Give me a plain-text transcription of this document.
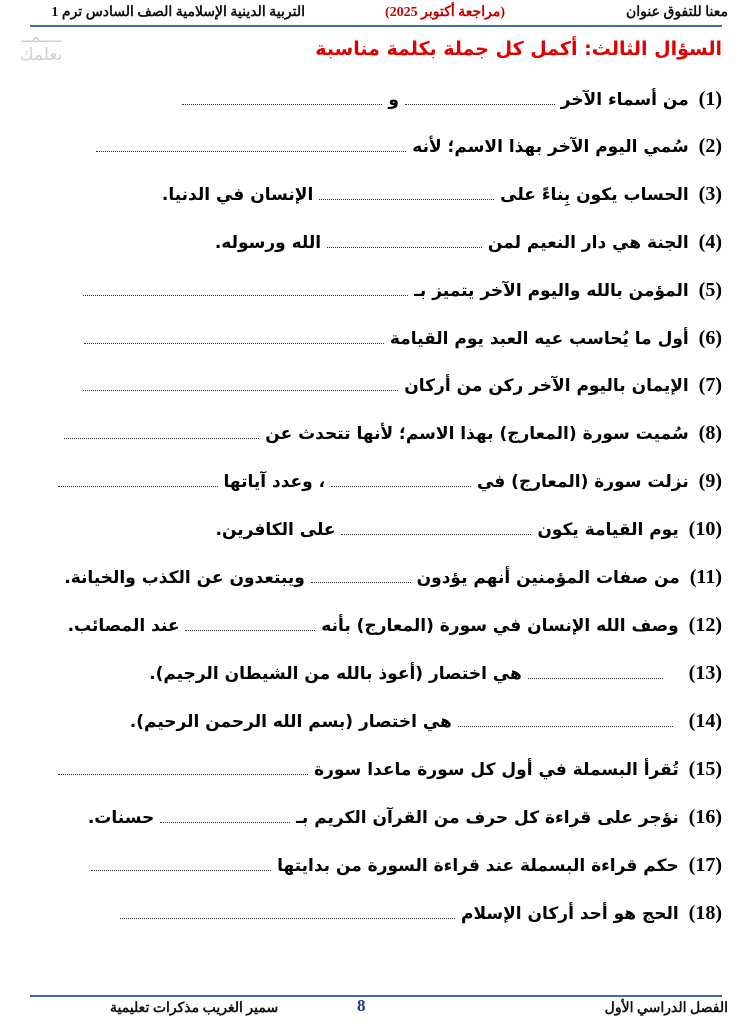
معنا للتفوق عنوان
(مراجعة أكتوبر 2025)
التربية الدينية الإسلامية الصف السادس ترم 1
ــــمــ
بعلمك	السؤال الثالث: أكمل كل جملة بكلمة مناسبة
(1) من أسماء الآخر  و
(2) سُمي اليوم الآخر بهذا الاسم؛ لأنه
(3) الحساب يكون بِناءً على  الإنسان في الدنيا.
(4) الجنة هي دار النعيم لمن  الله ورسوله.
(5) المؤمن بالله واليوم الآخر يتميز بـ
(6) أول ما يُحاسب عيه العبد يوم القيامة
(7) الإيمان باليوم الآخر ركن من أركان
(8) سُميت سورة (المعارج) بهذا الاسم؛ لأنها تتحدث عن
(9) نزلت سورة (المعارج) في  ، وعدد آياتها
(10) يوم القيامة يكون  على الكافرين.
(11) من صفات المؤمنين أنهم يؤدون  ويبتعدون عن الكذب والخيانة.
(12) وصف الله الإنسان في سورة (المعارج) بأنه  عند المصائب.
(13)  هي اختصار (أعوذ بالله من الشيطان الرجيم).
(14)  هي اختصار (بسم الله الرحمن الرحيم).
(15) تُقرأ البسملة في أول كل سورة ماعدا سورة
(16) نؤجر على قراءة كل حرف من القرآن الكريم بـ  حسنات.
(17) حكم قراءة البسملة عند قراءة السورة من بدايتها
(18) الحج هو أحد أركان الإسلام
الفصل الدراسي الأول
8
سمير الغريب مذكرات تعليمية
